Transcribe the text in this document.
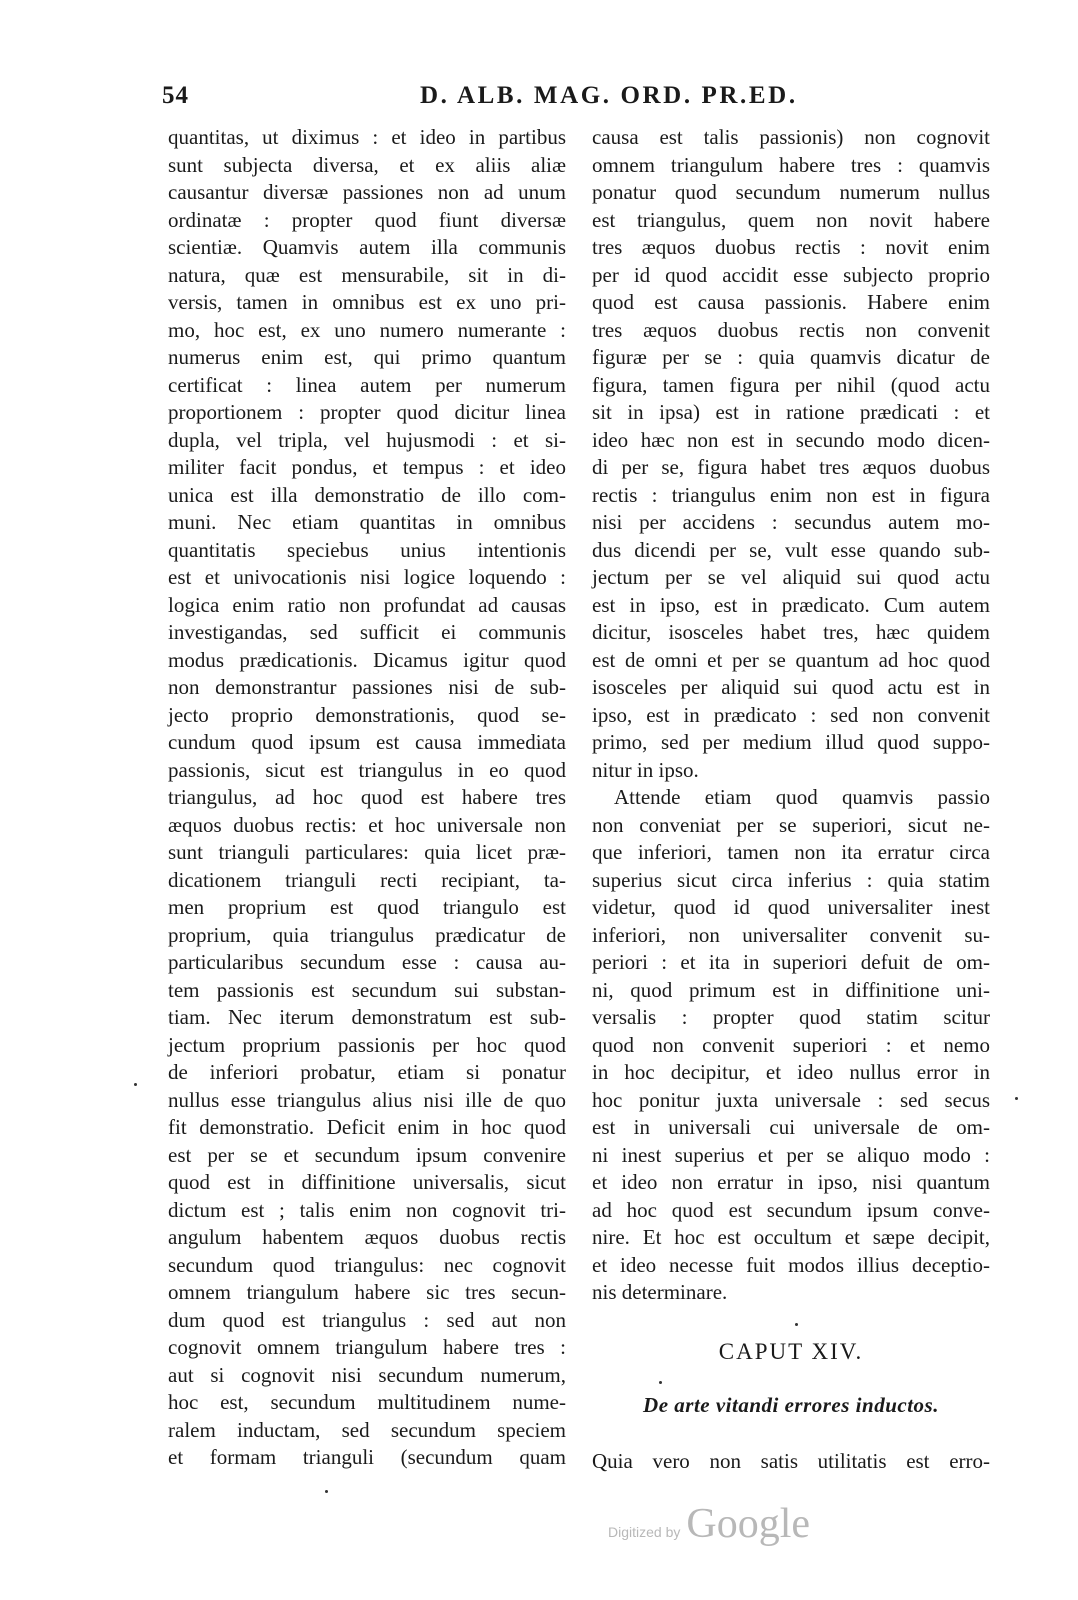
54	D. ALB. MAG. ORD. PR.ED.
quantitas, ut diximus : et ideo in partibus
sunt subjecta diversa, et ex aliis aliæ
causantur diversæ passiones non ad unum
ordinatæ : propter quod fiunt diversæ
scientiæ. Quamvis autem illa communis
natura, quæ est mensurabile, sit in di-
versis, tamen in omnibus est ex uno pri-
mo, hoc est, ex uno numero numerante :
numerus enim est, qui primo quantum
certificat : linea autem per numerum
proportionem : propter quod dicitur linea
dupla, vel tripla, vel hujusmodi : et si-
militer facit pondus, et tempus : et ideo
unica est illa demonstratio de illo com-
muni. Nec etiam quantitas in omnibus
quantitatis speciebus unius intentionis
est et univocationis nisi logice loquendo :
logica enim ratio non profundat ad causas
investigandas, sed sufficit ei communis
modus prædicationis. Dicamus igitur quod
non demonstrantur passiones nisi de sub-
jecto proprio demonstrationis, quod se-
cundum quod ipsum est causa immediata
passionis, sicut est triangulus in eo quod
triangulus, ad hoc quod est habere tres
æquos duobus rectis: et hoc universale non
sunt trianguli particulares: quia licet præ-
dicationem trianguli recti recipiant, ta-
men proprium est quod triangulo est
proprium, quia triangulus prædicatur de
particularibus secundum esse : causa au-
tem passionis est secundum sui substan-
tiam. Nec iterum demonstratum est sub-
jectum proprium passionis per hoc quod
de inferiori probatur, etiam si ponatur
nullus esse triangulus alius nisi ille de quo
fit demonstratio. Deficit enim in hoc quod
est per se et secundum ipsum convenire
quod est in diffinitione universalis, sicut
dictum est ; talis enim non cognovit tri-
angulum habentem æquos duobus rectis
secundum quod triangulus: nec cognovit
omnem triangulum habere sic tres secun-
dum quod est triangulus : sed aut non
cognovit omnem triangulum habere tres :
aut si cognovit nisi secundum numerum,
hoc est, secundum multitudinem nume-
ralem inductam, sed secundum speciem
et formam trianguli (secundum quam
causa est talis passionis) non cognovit
omnem triangulum habere tres : quamvis
ponatur quod secundum numerum nullus
est triangulus, quem non novit habere
tres æquos duobus rectis : novit enim
per id quod accidit esse subjecto proprio
quod est causa passionis. Habere enim
tres æquos duobus rectis non convenit
figuræ per se : quia quamvis dicatur de
figura, tamen figura per nihil (quod actu
sit in ipsa) est in ratione prædicati : et
ideo hæc non est in secundo modo dicen-
di per se, figura habet tres æquos duobus
rectis : triangulus enim non est in figura
nisi per accidens : secundus autem mo-
dus dicendi per se, vult esse quando sub-
jectum per se vel aliquid sui quod actu
est in ipso, est in prædicato. Cum autem
dicitur, isosceles habet tres, hæc quidem
est de omni et per se quantum ad hoc quod
isosceles per aliquid sui quod actu est in
ipso, est in prædicato : sed non convenit
primo, sed per medium illud quod suppo-
nitur in ipso.
Attende etiam quod quamvis passio
non conveniat per se superiori, sicut ne-
que inferiori, tamen non ita erratur circa
superius sicut circa inferius : quia statim
videtur, quod id quod universaliter inest
inferiori, non universaliter convenit su-
periori : et ita in superiori defuit de om-
ni, quod primum est in diffinitione uni-
versalis : propter quod statim scitur
quod non convenit superiori : et nemo
in hoc decipitur, et ideo nullus error in
hoc ponitur juxta universale : sed secus
est in universali cui universale de om-
ni inest superius et per se aliquo modo :
et ideo non erratur in ipso, nisi quantum
ad hoc quod est secundum ipsum conve-
nire. Et hoc est occultum et sæpe decipit,
et ideo necesse fuit modos illius deceptio-
nis determinare.
CAPUT XIV.
De arte vitandi errores inductos.
Quia vero non satis utilitatis est erro-
Digitized by Google
